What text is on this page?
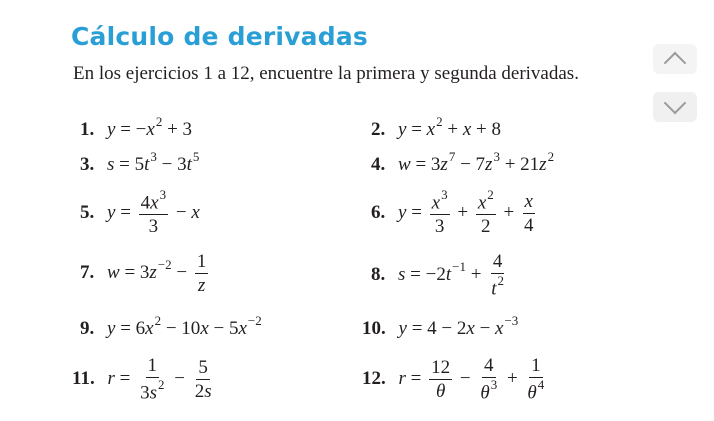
Cálculo de derivadas
En los ejercicios 1 a 12, encuentre la primera y segunda derivadas.
1. $y = -x^2 + 3$	2. $y = x^2 + x + 8$
3. $s = 5t^3 - 3t^5$	4. $w = 3z^7 - 7z^3 + 21z^2$
5. $y = \frac{4x^3}{3} - x$	6. $y = \frac{x^3}{3} + \frac{x^2}{2} + \frac{x}{4}$
7. $w = 3z^{-2} - \frac{1}{z}$	8. $s = -2t^{-1} + \frac{4}{t^2}$
9. $y = 6x^2 - 10x - 5x^{-2}$	10. $y = 4 - 2x - x^{-3}$
11. $r = \frac{1}{3s^2} - \frac{5}{2s}$	12. $r = \frac{12}{\theta} - \frac{4}{\theta^3} + \frac{1}{\theta^4}$
